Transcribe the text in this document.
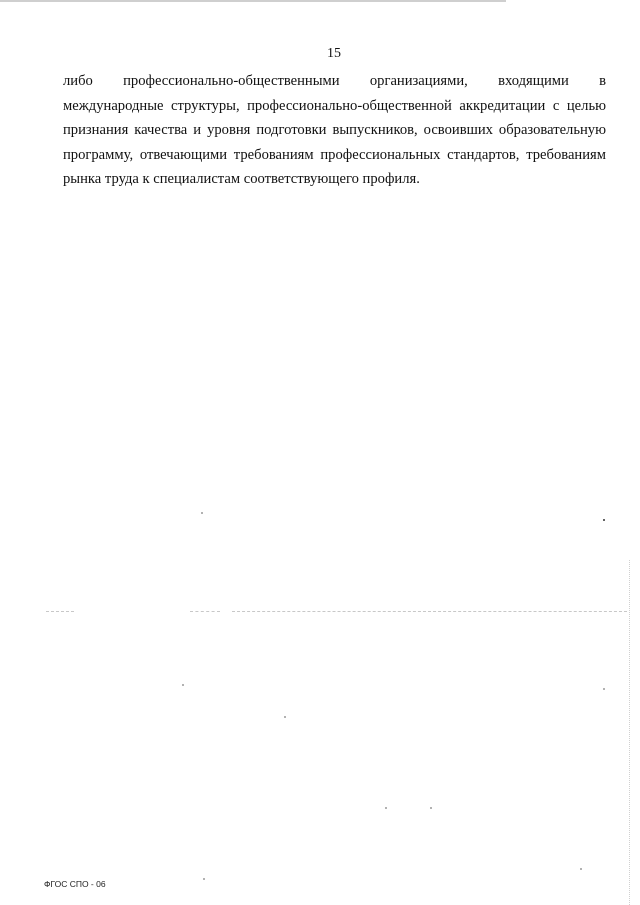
15
либо профессионально-общественными организациями, входящими в
международные структуры, профессионально-общественной аккредитации с целью
признания качества и уровня подготовки выпускников, освоивших образовательную
программу, отвечающими требованиям профессиональных стандартов, требованиям
рынка труда к специалистам соответствующего профиля.
ФГОС СПО - 06
